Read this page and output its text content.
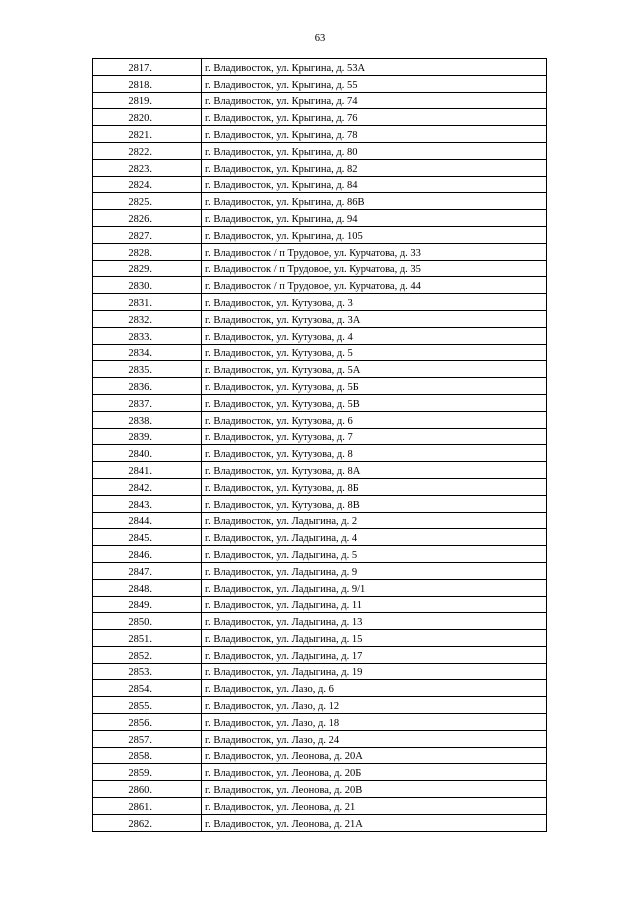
63
2817.	г. Владивосток, ул. Крыгина, д. 53А
2818.	г. Владивосток, ул. Крыгина, д. 55
2819.	г. Владивосток, ул. Крыгина, д. 74
2820.	г. Владивосток, ул. Крыгина, д. 76
2821.	г. Владивосток, ул. Крыгина, д. 78
2822.	г. Владивосток, ул. Крыгина, д. 80
2823.	г. Владивосток, ул. Крыгина, д. 82
2824.	г. Владивосток, ул. Крыгина, д. 84
2825.	г. Владивосток, ул. Крыгина, д. 86В
2826.	г. Владивосток, ул. Крыгина, д. 94
2827.	г. Владивосток, ул. Крыгина, д. 105
2828.	г. Владивосток / п Трудовое, ул. Курчатова, д. 33
2829.	г. Владивосток / п Трудовое, ул. Курчатова, д. 35
2830.	г. Владивосток / п Трудовое, ул. Курчатова, д. 44
2831.	г. Владивосток, ул. Кутузова, д. 3
2832.	г. Владивосток, ул. Кутузова, д. 3А
2833.	г. Владивосток, ул. Кутузова, д. 4
2834.	г. Владивосток, ул. Кутузова, д. 5
2835.	г. Владивосток, ул. Кутузова, д. 5А
2836.	г. Владивосток, ул. Кутузова, д. 5Б
2837.	г. Владивосток, ул. Кутузова, д. 5В
2838.	г. Владивосток, ул. Кутузова, д. 6
2839.	г. Владивосток, ул. Кутузова, д. 7
2840.	г. Владивосток, ул. Кутузова, д. 8
2841.	г. Владивосток, ул. Кутузова, д. 8А
2842.	г. Владивосток, ул. Кутузова, д. 8Б
2843.	г. Владивосток, ул. Кутузова, д. 8В
2844.	г. Владивосток, ул. Ладыгина, д. 2
2845.	г. Владивосток, ул. Ладыгина, д. 4
2846.	г. Владивосток, ул. Ладыгина, д. 5
2847.	г. Владивосток, ул. Ладыгина, д. 9
2848.	г. Владивосток, ул. Ладыгина, д. 9/1
2849.	г. Владивосток, ул. Ладыгина, д. 11
2850.	г. Владивосток, ул. Ладыгина, д. 13
2851.	г. Владивосток, ул. Ладыгина, д. 15
2852.	г. Владивосток, ул. Ладыгина, д. 17
2853.	г. Владивосток, ул. Ладыгина, д. 19
2854.	г. Владивосток, ул. Лазо, д. 6
2855.	г. Владивосток, ул. Лазо, д. 12
2856.	г. Владивосток, ул. Лазо, д. 18
2857.	г. Владивосток, ул. Лазо, д. 24
2858.	г. Владивосток, ул. Леонова, д. 20А
2859.	г. Владивосток, ул. Леонова, д. 20Б
2860.	г. Владивосток, ул. Леонова, д. 20В
2861.	г. Владивосток, ул. Леонова, д. 21
2862.	г. Владивосток, ул. Леонова, д. 21А
